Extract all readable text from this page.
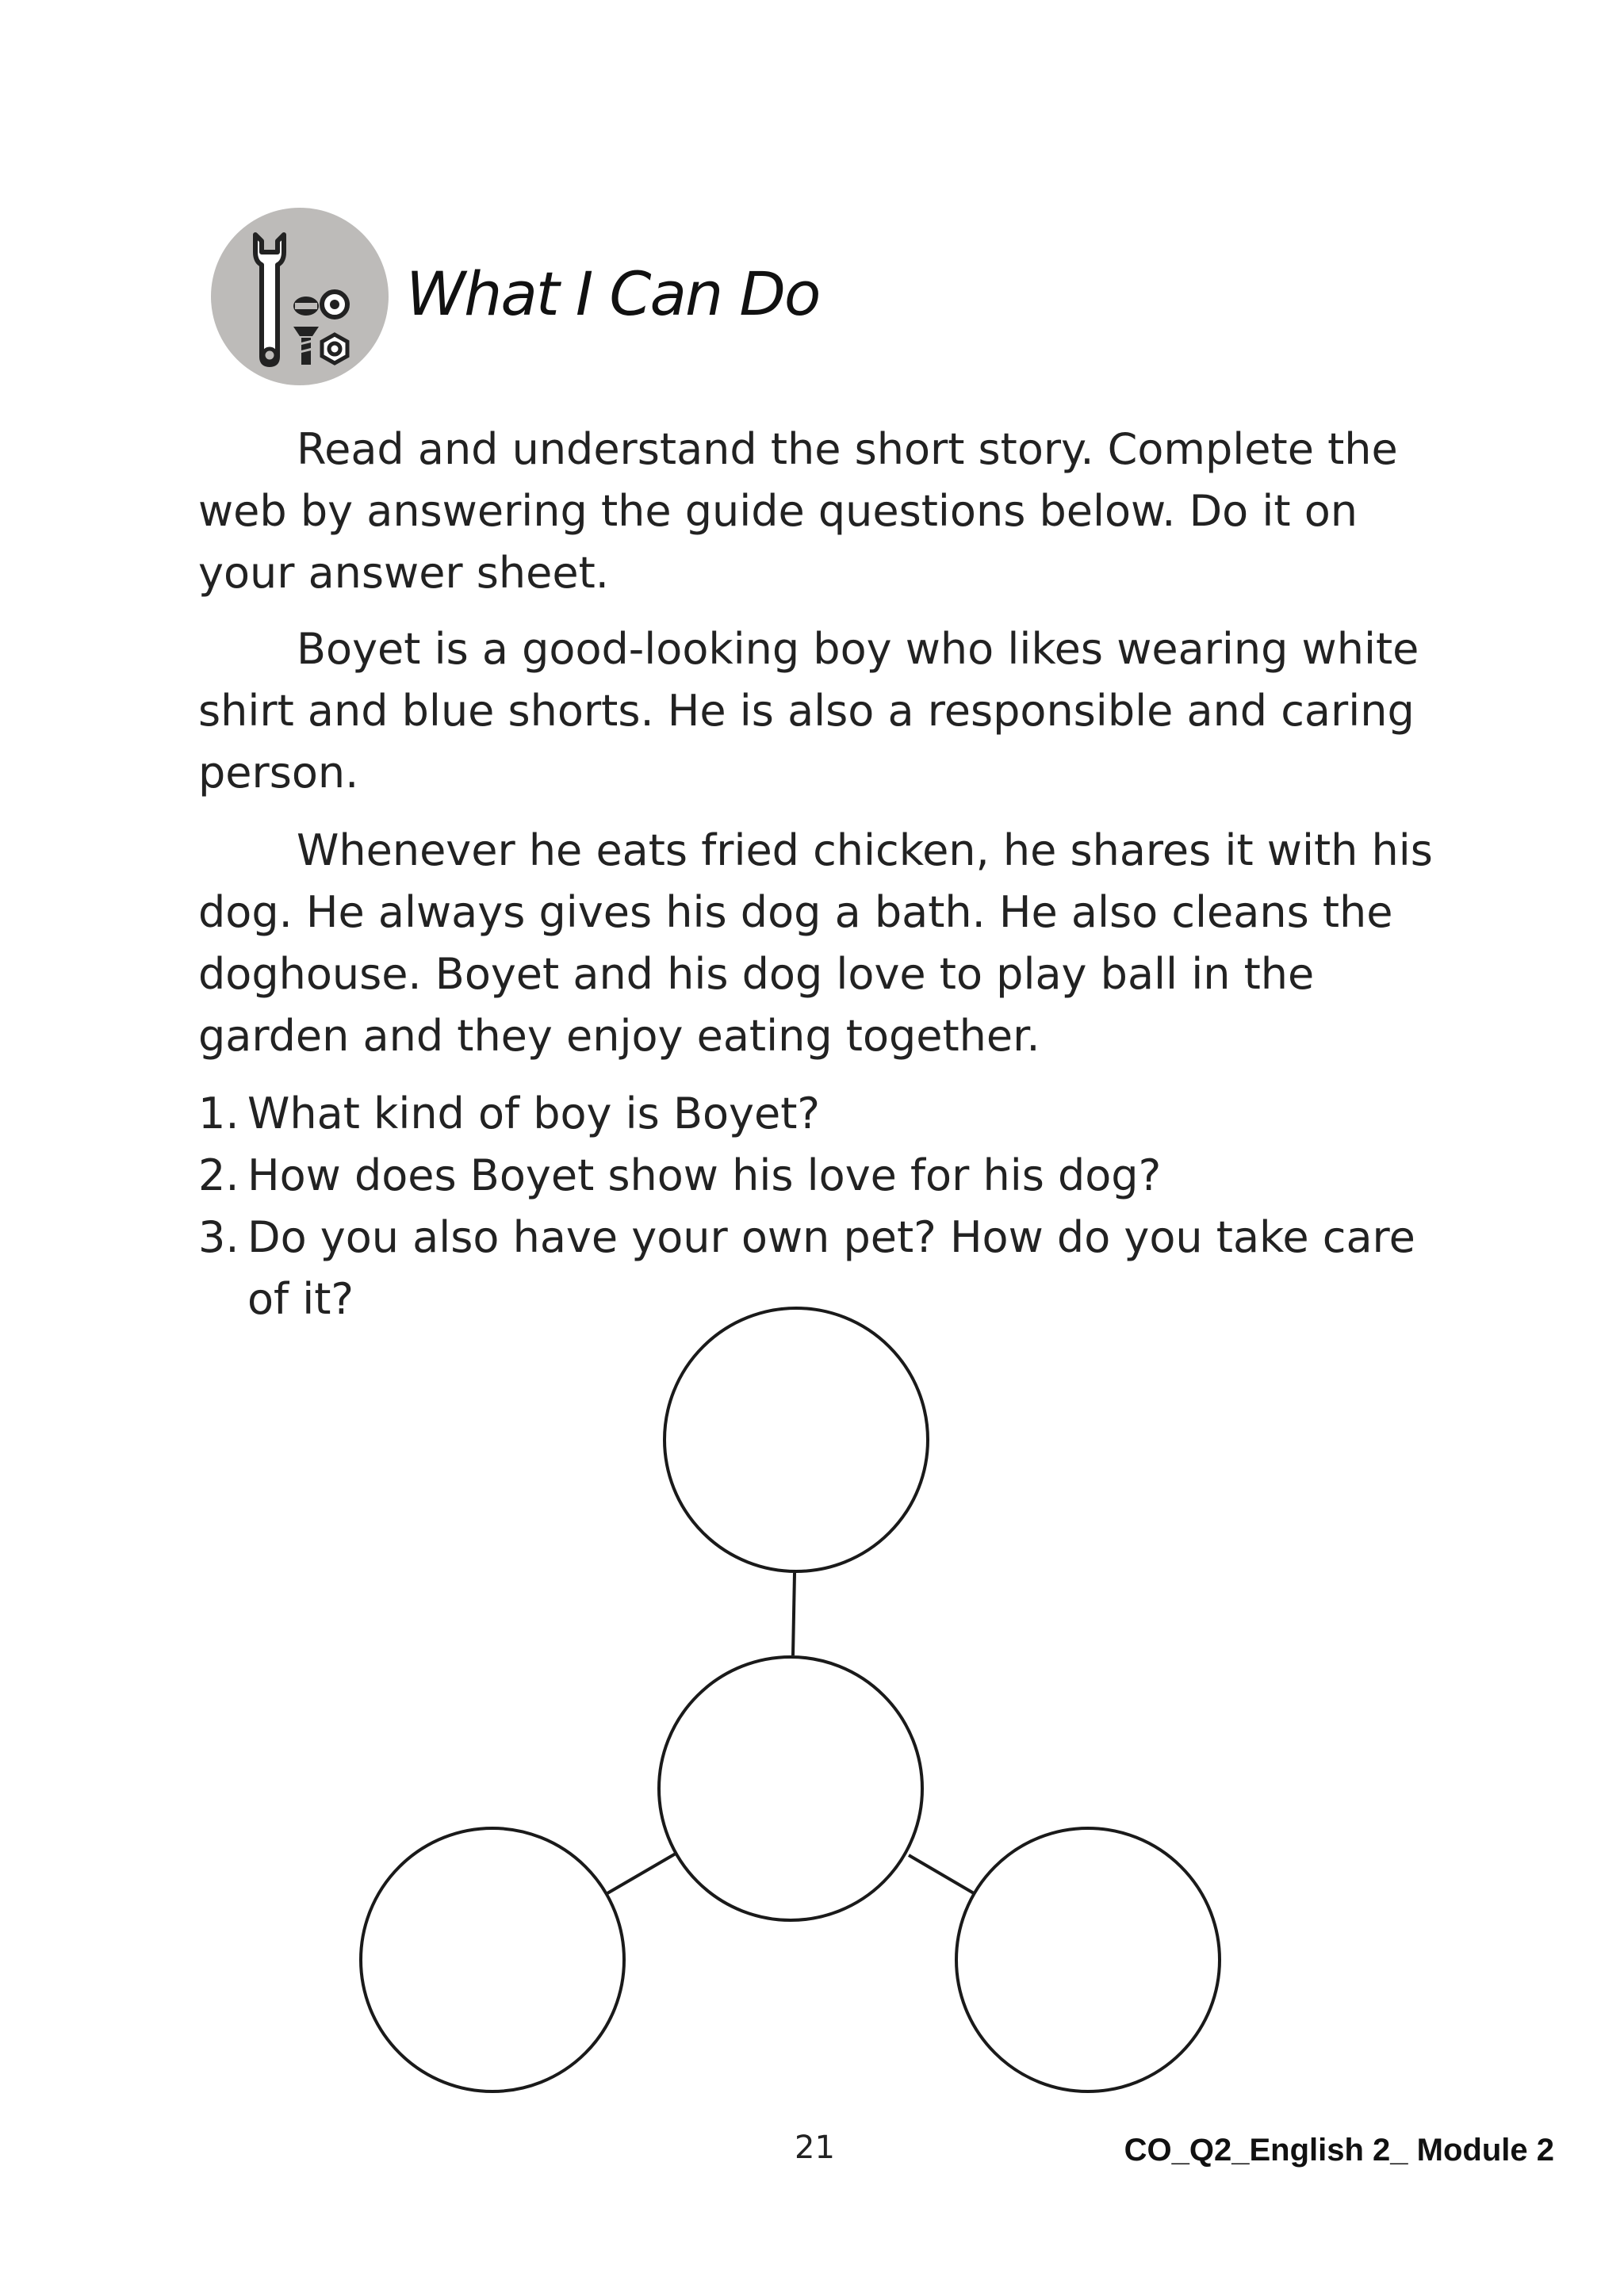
What I Can Do

Read and understand the short story. Complete the web by answering the guide questions below. Do it on your answer sheet.

Boyet is a good-looking boy who likes wearing white shirt and blue shorts. He is also a responsible and caring person.

Whenever he eats fried chicken, he shares it with his dog. He always gives his dog a bath. He also cleans the doghouse. Boyet and his dog love to play ball in the garden and they enjoy eating together.

1. What kind of boy is Boyet?
2. How does Boyet show his love for his dog?
3. Do you also have your own pet? How do you take care of it?
21	CO_Q2_English 2_ Module 2
